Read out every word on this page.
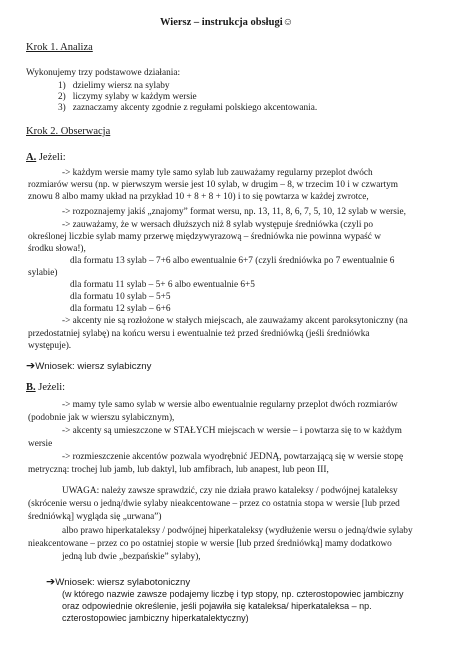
Wiersz – instrukcja obsługi☺
Krok 1. Analiza
Wykonujemy trzy podstawowe działania:
1) dzielimy wiersz na sylaby
2) liczymy sylaby w każdym wersie
3) zaznaczamy akcenty zgodnie z regułami polskiego akcentowania.
Krok 2. Obserwacja
A. Jeżeli:
-> każdym wersie mamy tyle samo sylab lub zauważamy regularny przeplot dwóch
rozmiarów wersu (np. w pierwszym wersie jest 10 sylab, w drugim – 8, w trzecim 10 i w czwartym
znowu 8 albo mamy układ na przykład 10 + 8 + 8 + 10) i to się powtarza w każdej zwrotce,
-> rozpoznajemy jakiś „znajomy” format wersu, np. 13, 11, 8, 6, 7, 5, 10, 12 sylab w wersie,
-> zauważamy, że w wersach dłuższych niż 8 sylab występuje średniówka (czyli po
określonej liczbie sylab mamy przerwę międzywyrazową – średniówka nie powinna wypaść w
środku słowa!),
dla formatu 13 sylab – 7+6 albo ewentualnie 6+7 (czyli średniówka po 7 ewentualnie 6
sylabie)
dla formatu 11 sylab – 5+ 6 albo ewentualnie 6+5
dla formatu 10 sylab – 5+5
dla formatu 12 sylab – 6+6
-> akcenty nie są rozłożone w stałych miejscach, ale zauważamy akcent paroksytoniczny (na
przedostatniej sylabę) na końcu wersu i ewentualnie też przed średniówką (jeśli średniówka
występuje).
➔Wniosek: wiersz sylabiczny
B. Jeżeli:
-> mamy tyle samo sylab w wersie albo ewentualnie regularny przeplot dwóch rozmiarów
(podobnie jak w wierszu sylabicznym),
-> akcenty są umieszczone w STAŁYCH miejscach w wersie – i powtarza się to w każdym
wersie
-> rozmieszczenie akcentów pozwala wyodrębnić JEDNĄ, powtarzającą się w wersie stopę
metryczną: trochej lub jamb, lub daktyl, lub amfibrach, lub anapest, lub peon III,
UWAGA: należy zawsze sprawdzić, czy nie działa prawo kataleksy / podwójnej kataleksy
(skrócenie wersu o jedną/dwie sylaby nieakcentowane – przez co ostatnia stopa w wersie [lub przed
średniówką] wygląda się „urwana”)
albo prawo hiperkataleksy / podwójnej hiperkataleksy (wydłużenie wersu o jedną/dwie sylaby
nieakcentowane – przez co po ostatniej stopie w wersie [lub przed średniówką] mamy dodatkowo
jedną lub dwie „bezpańskie” sylaby),
➔Wniosek: wiersz sylabotoniczny
(w którego nazwie zawsze podajemy liczbę i typ stopy, np. czterostopowiec jambiczny
oraz odpowiednie określenie, jeśli pojawiła się kataleksa/ hiperkataleksa – np.
czterostopowiec jambiczny hiperkatalektyczny)
